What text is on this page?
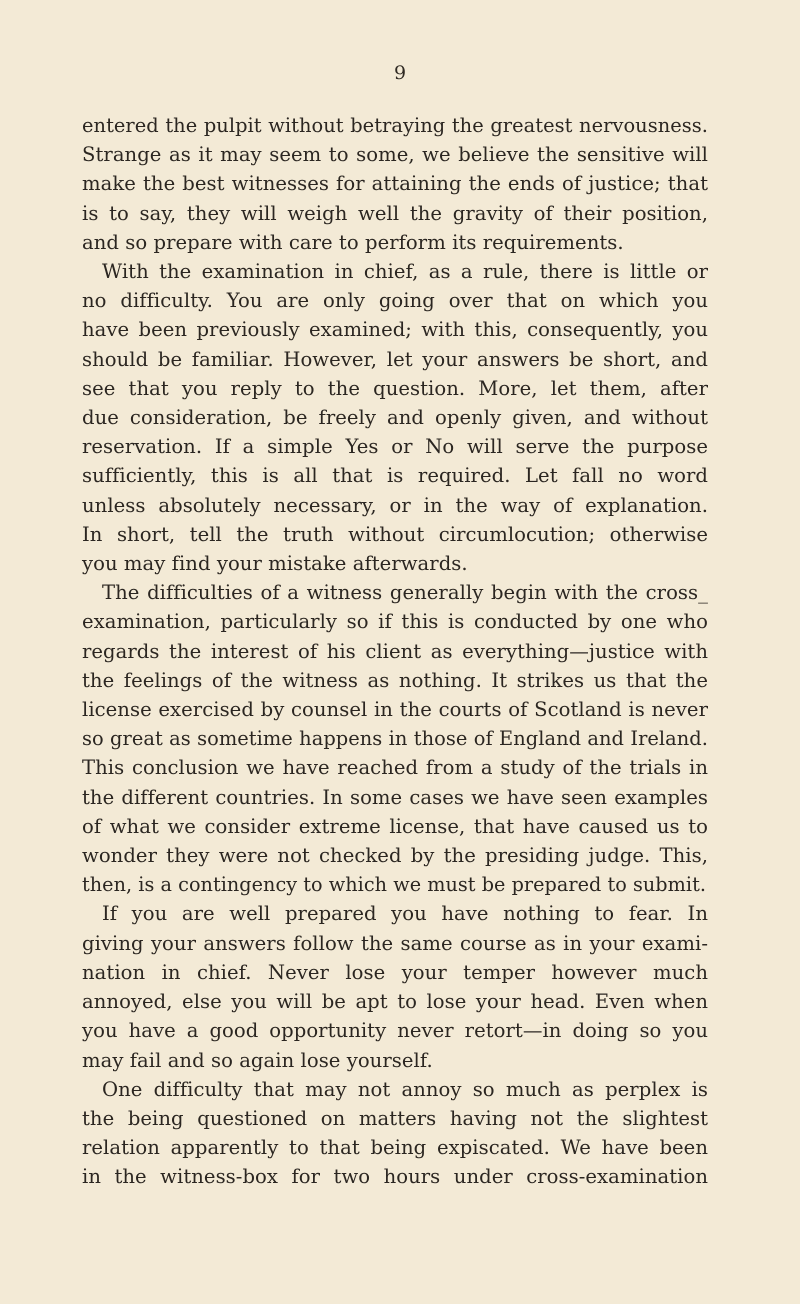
9
entered the pulpit without betraying the greatest nervousness.
Strange as it may seem to some, we believe the sensitive will
make the best witnesses for attaining the ends of justice; that
is to say, they will weigh well the gravity of their position,
and so prepare with care to perform its requirements.
With the examination in chief, as a rule, there is little or
no difficulty. You are only going over that on which you
have been previously examined; with this, consequently, you
should be familiar. However, let your answers be short, and
see that you reply to the question. More, let them, after
due consideration, be freely and openly given, and without
reservation. If a simple Yes or No will serve the purpose
sufficiently, this is all that is required. Let fall no word
unless absolutely necessary, or in the way of explanation.
In short, tell the truth without circumlocution; otherwise
you may find your mistake afterwards.
The difficulties of a witness generally begin with the cross_
examination, particularly so if this is conducted by one who
regards the interest of his client as everything—justice with
the feelings of the witness as nothing. It strikes us that the
license exercised by counsel in the courts of Scotland is never
so great as sometime happens in those of England and Ireland.
This conclusion we have reached from a study of the trials in
the different countries. In some cases we have seen examples
of what we consider extreme license, that have caused us to
wonder they were not checked by the presiding judge. This,
then, is a contingency to which we must be prepared to submit.
If you are well prepared you have nothing to fear. In
giving your answers follow the same course as in your exami-
nation in chief. Never lose your temper however much
annoyed, else you will be apt to lose your head. Even when
you have a good opportunity never retort—in doing so you
may fail and so again lose yourself.
One difficulty that may not annoy so much as perplex is
the being questioned on matters having not the slightest
relation apparently to that being expiscated. We have been
in the witness-box for two hours under cross-examination
